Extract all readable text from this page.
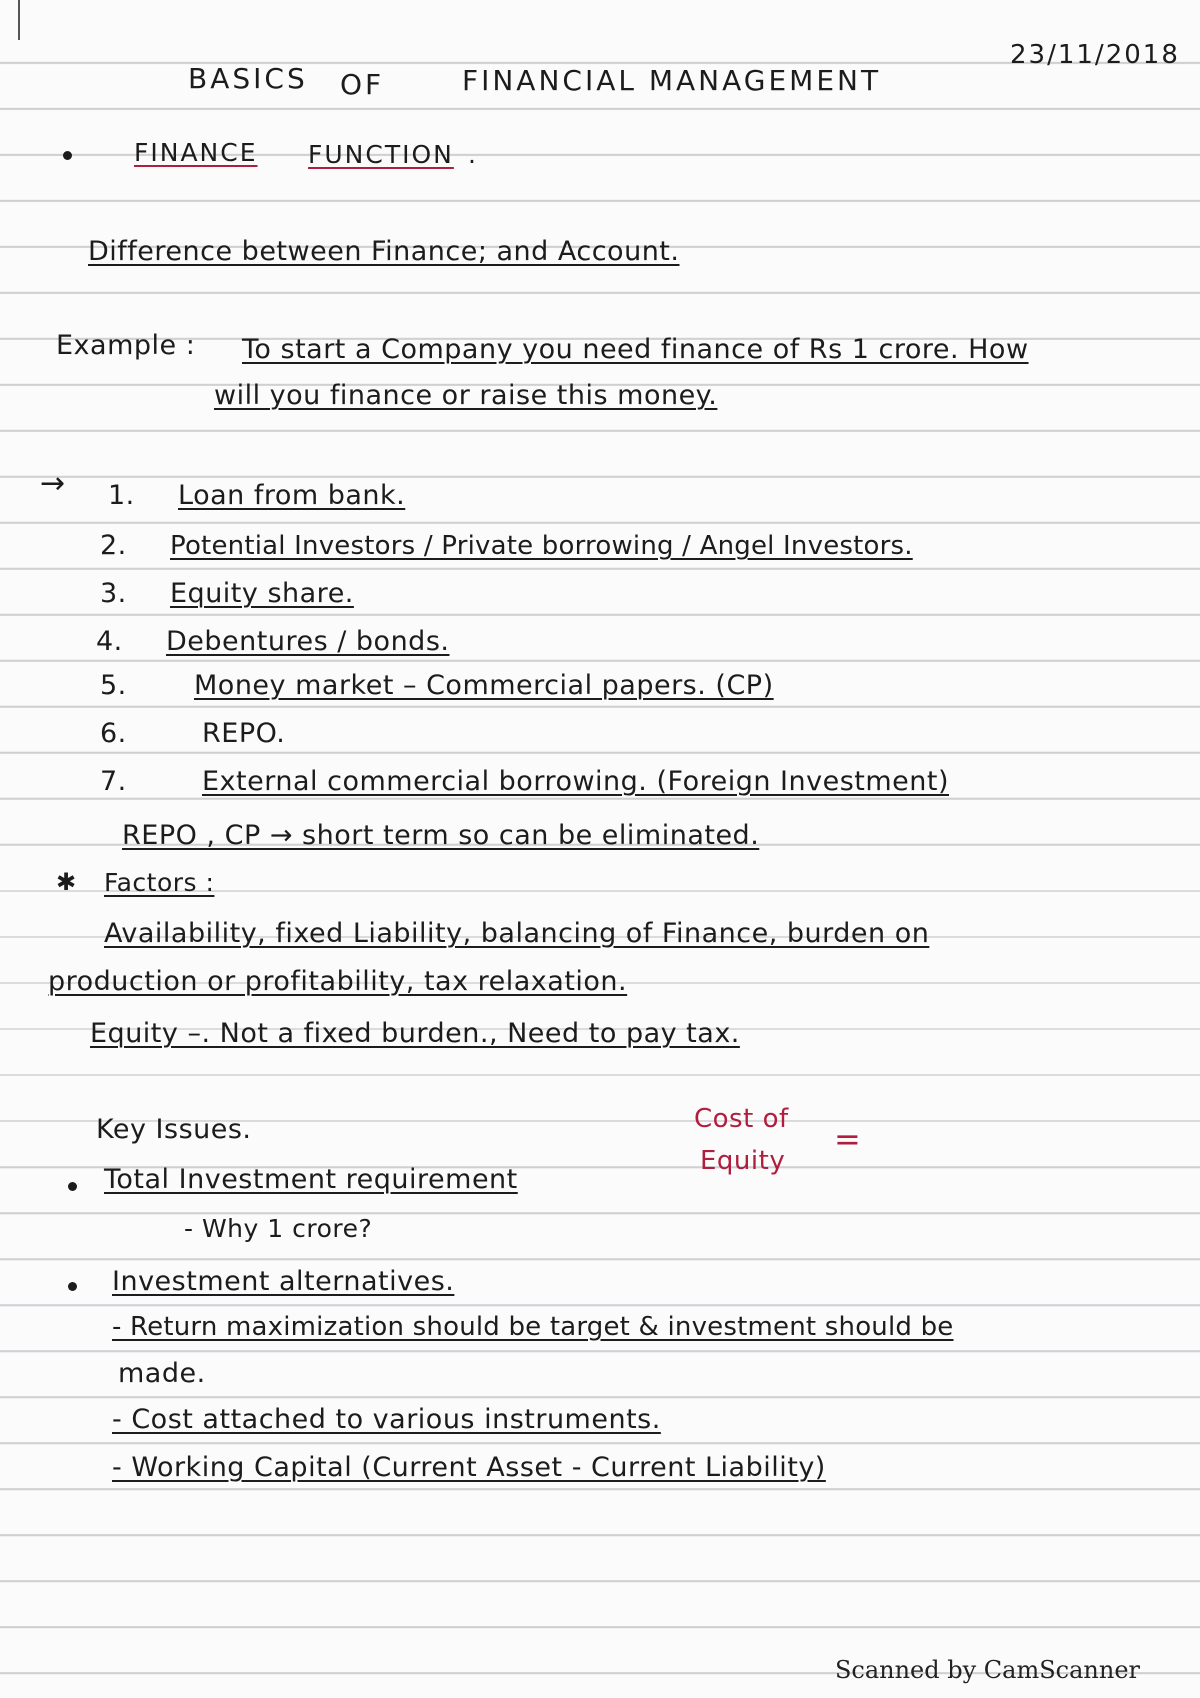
BASICS OF	FINANCIAL MANAGEMENT
23/11/2018
FINANCE FUNCTION .
Difference between Finance; and Account.
Example : To start a Company you need finance of Rs 1 crore. How
will you finance or raise this money.
→ 1. Loan from bank.
2. Potential Investors / Private borrowing / Angel Investors.
3. Equity share.
4. Debentures / bonds.
5. Money market – Commercial papers. (CP)
6.	REPO.
7.	External commercial borrowing. (Foreign Investment)
REPO , CP → short term so can be eliminated.
✱ Factors :
Availability, fixed Liability, balancing of Finance, burden on
production or profitability, tax relaxation.
Equity –. Not a fixed burden., Need to pay tax.
Key Issues.	Cost of
Equity
=
Total Investment requirement
- Why 1 crore?
Investment alternatives.
- Return maximization should be target & investment should be
made.
- Cost attached to various instruments.
- Working Capital (Current Asset - Current Liability)
Scanned by CamScanner
